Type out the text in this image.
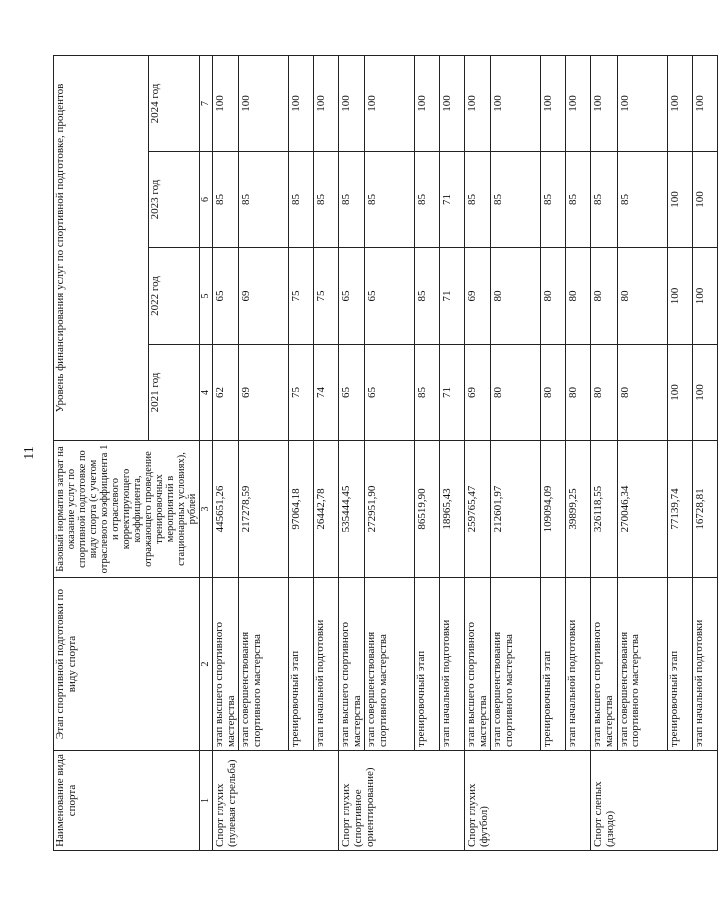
11
Наименование вида спорта	Этап спортивной подготовки по виду спорта	Базовый норматив затрат на оказание услуг по спортивной подготовке по виду спорта (с учетом отраслевого коэффициента 1 и отраслевого корректирующего коэффициента, отражающего проведение тренировочных мероприятий в стационарных условиях), рублей	Уровень финансирования услуг по спортивной подготовке, процентов			
			2021 год	2022 год	2023 год	2024 год
1	2	3	4	5	6	7
Спорт глухих (пулевая стрельба)	этап высшего спортивного мастерства	445651,26	62	65	85	100
	этап совершенствования спортивного мастерства	217278,59	69	69	85	100
	тренировочный этап	97064,18	75	75	85	100
	этап начальной подготовки	26442,78	74	75	85	100
Спорт глухих (спортивное ориентирование)	этап высшего спортивного мастерства	535444,45	65	65	85	100
	этап совершенствования спортивного мастерства	272951,90	65	65	85	100
	тренировочный этап	86519,90	85	85	85	100
	этап начальной подготовки	18965,43	71	71	71	100
Спорт глухих (футбол)	этап высшего спортивного мастерства	259765,47	69	69	85	100
	этап совершенствования спортивного мастерства	212601,97	80	80	85	100
	тренировочный этап	109094,09	80	80	85	100
	этап начальной подготовки	39899,25	80	80	85	100
Спорт слепых (дзюдо)	этап высшего спортивного мастерства	326118,55	80	80	85	100
	этап совершенствования спортивного мастерства	270046,34	80	80	85	100
	тренировочный этап	77139,74	100	100	100	100
	этап начальной подготовки	16728,81	100	100	100	100
